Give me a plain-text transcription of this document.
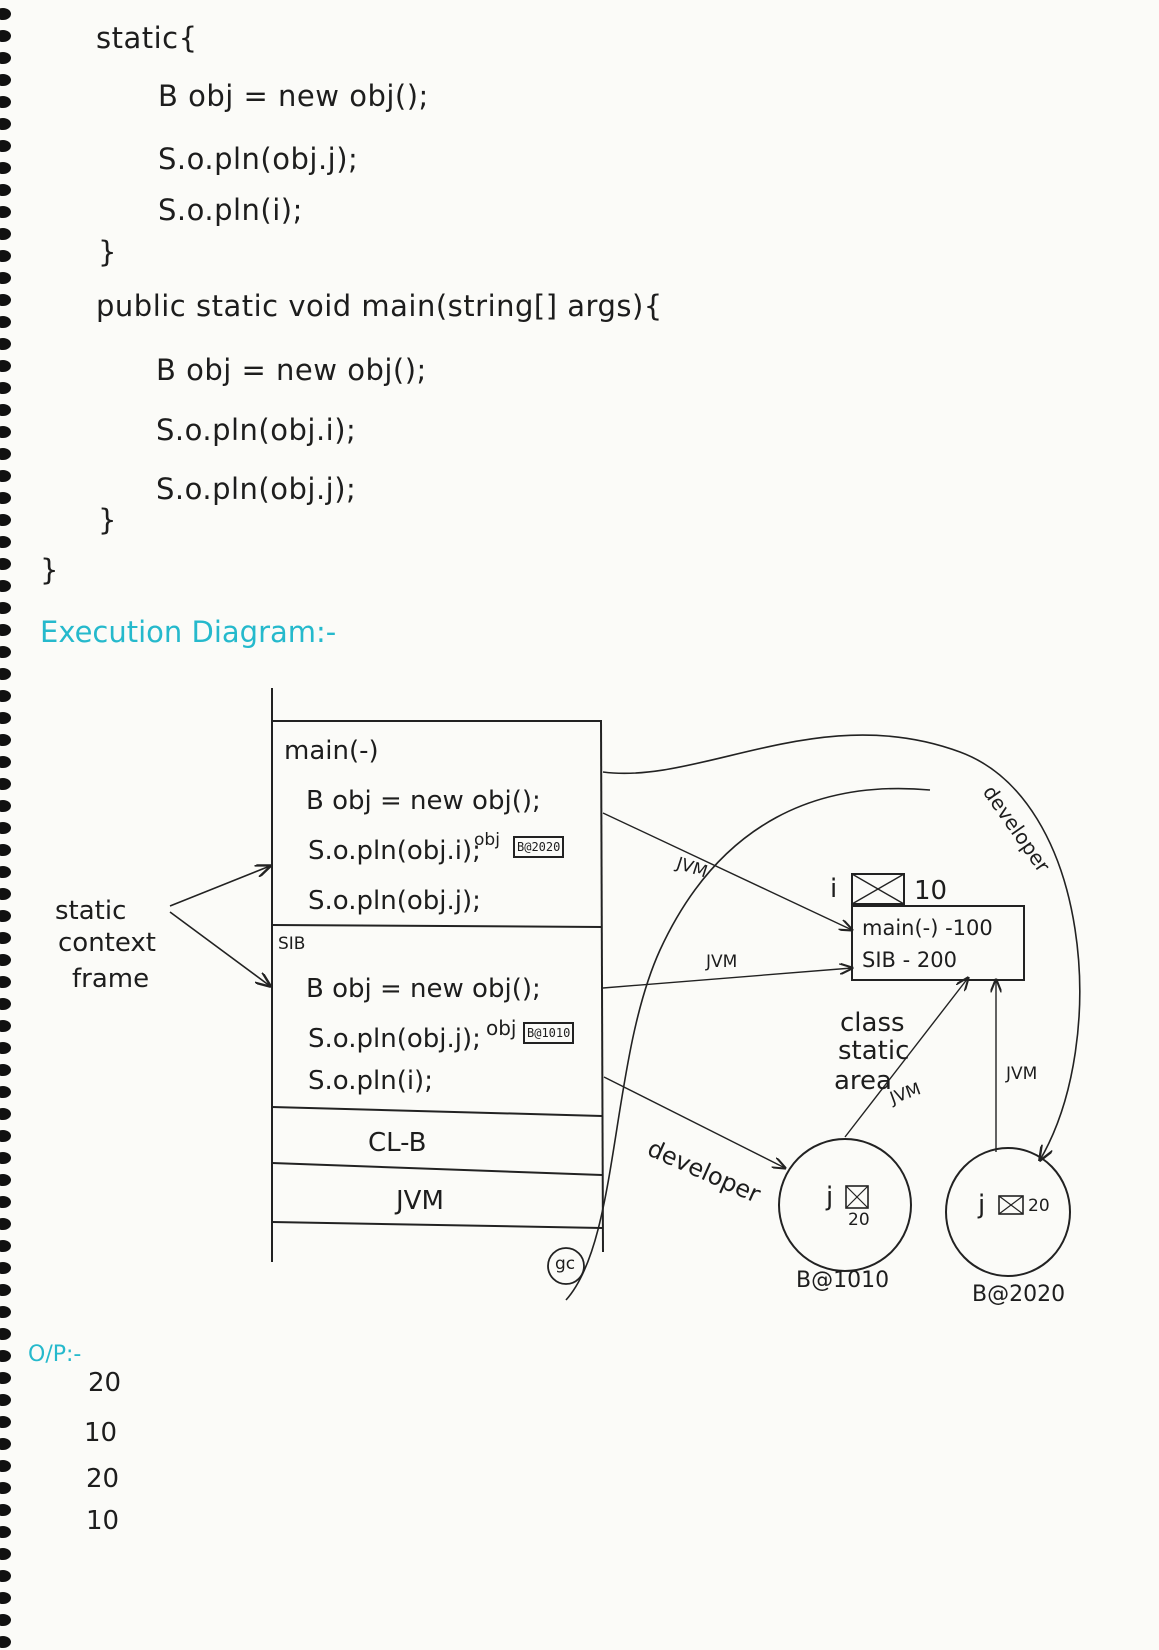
static{
B obj = new obj();
S.o.pln(obj.j);
S.o.pln(i);
}
public static void main(string[] args){
B obj = new obj();
S.o.pln(obj.i);
S.o.pln(obj.j);
}
}
Execution Diagram:-
static
context
frame
main(-)
B obj = new obj();
S.o.pln(obj.i);
obj	B@2020
S.o.pln(obj.j);
SIB
B obj = new obj();
S.o.pln(obj.j); obj B@1010
S.o.pln(i);
CL-B
JVM
gc
i	10
main(-) -100
SIB - 200
class
static
area
JVM
JVM
JVM
JVM
developer
developer
j
20
B@1010
j	20
B@2020
O/P:-
20
10
20
10
